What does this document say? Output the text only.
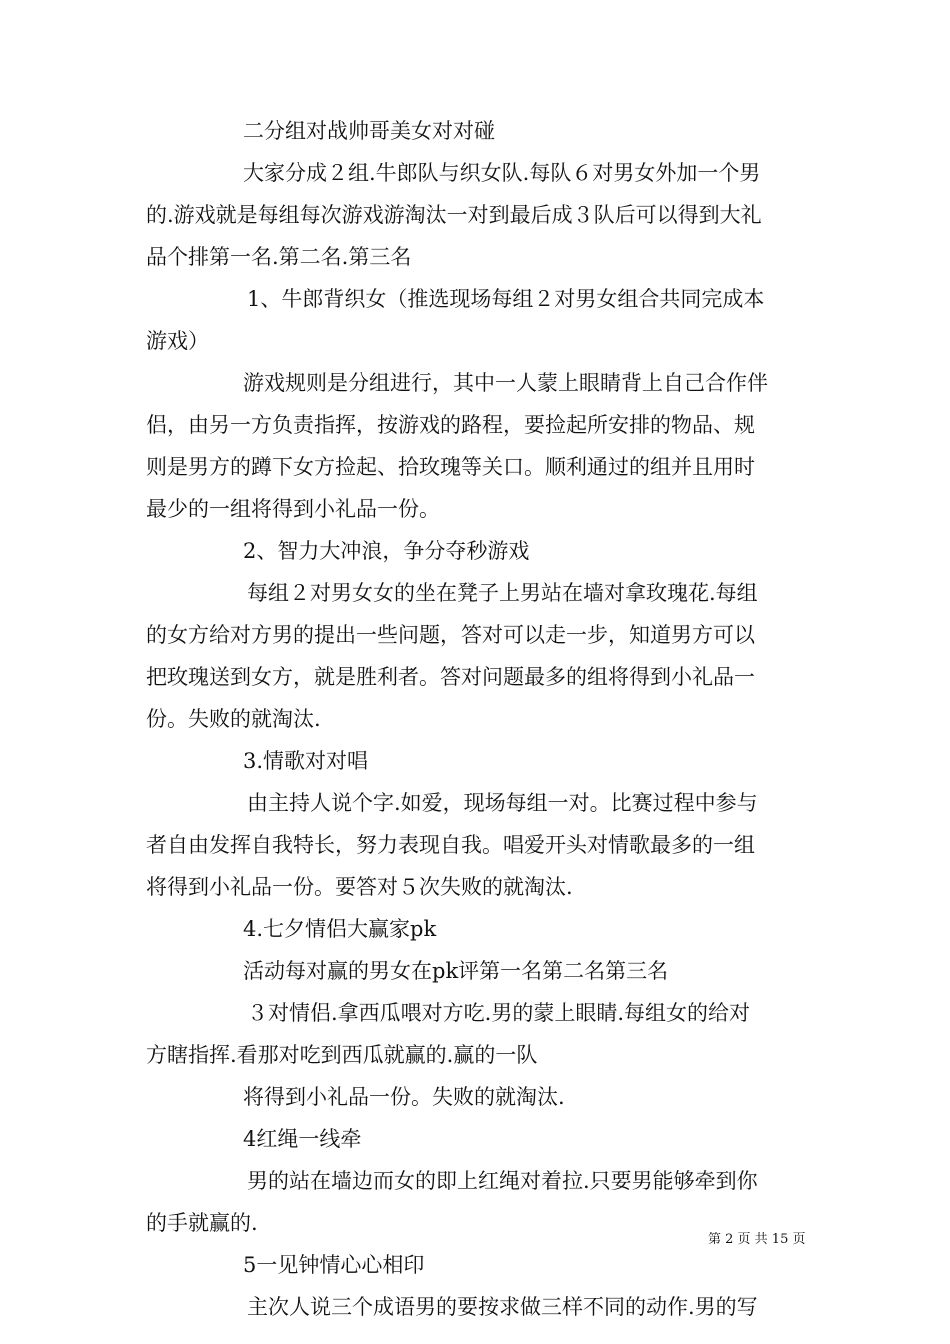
二分组对战帅哥美女对对碰
大家分成２组.牛郎队与织女队.每队６对男女外加一个男
的.游戏就是每组每次游戏游淘汰一对到最后成３队后可以得到大礼
品个排第一名.第二名.第三名
1、牛郎背织女（推选现场每组２对男女组合共同完成本
游戏）
游戏规则是分组进行，其中一人蒙上眼睛背上自己合作伴
侣，由另一方负责指挥，按游戏的路程，要捡起所安排的物品、规
则是男方的蹲下女方捡起、拾玫瑰等关口。顺利通过的组并且用时
最少的一组将得到小礼品一份。
2、智力大冲浪，争分夺秒游戏
每组２对男女女的坐在凳子上男站在墙对拿玫瑰花.每组
的女方给对方男的提出一些问题，答对可以走一步，知道男方可以
把玫瑰送到女方，就是胜利者。答对问题最多的组将得到小礼品一
份。失败的就淘汰.
3.情歌对对唱
由主持人说个字.如爱，现场每组一对。比赛过程中参与
者自由发挥自我特长，努力表现自我。唱爱开头对情歌最多的一组
将得到小礼品一份。要答对５次失败的就淘汰.
4.七夕情侣大赢家pk
活动每对赢的男女在pk评第一名第二名第三名
３对情侣.拿西瓜喂对方吃.男的蒙上眼睛.每组女的给对
方瞎指挥.看那对吃到西瓜就赢的.赢的一队
将得到小礼品一份。失败的就淘汰.
4红绳一线牵
男的站在墙边而女的即上红绳对着拉.只要男能够牵到你
的手就赢的.
5一见钟情心心相印
主次人说三个成语男的要按求做三样不同的动作.男的写
第 2 页 共 15 页
